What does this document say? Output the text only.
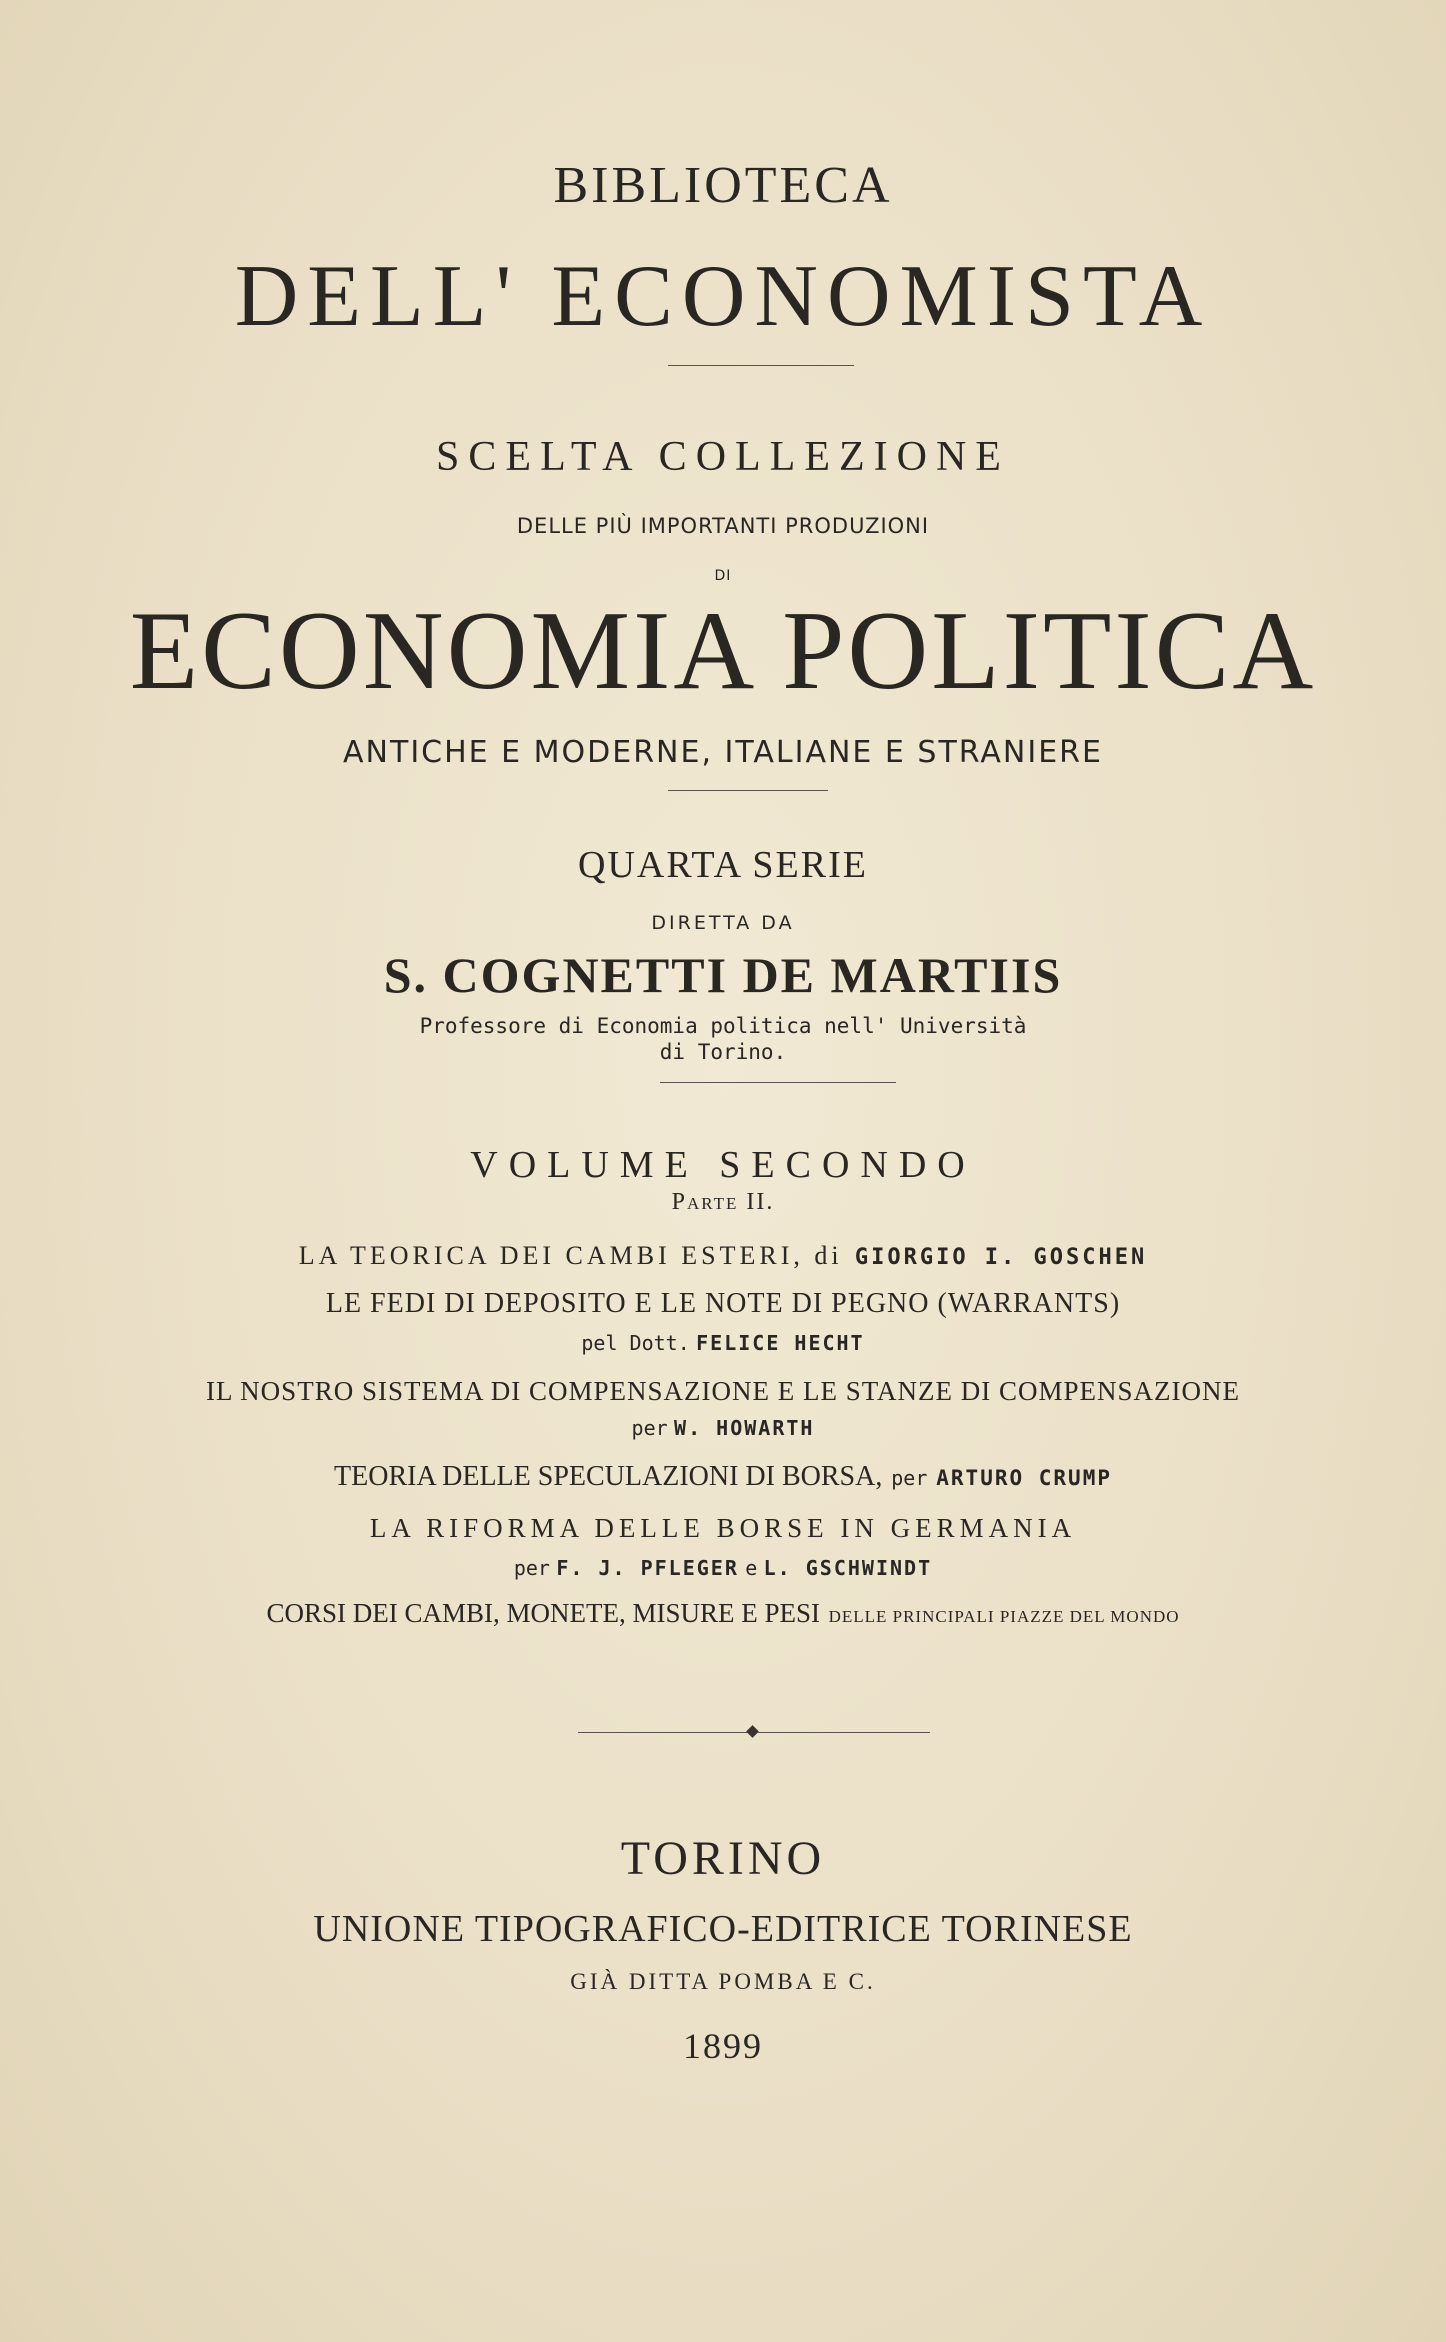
BIBLIOTECA
DELL' ECONOMISTA
SCELTA COLLEZIONE
DELLE PIÙ IMPORTANTI PRODUZIONI
DI
ECONOMIA POLITICA
ANTICHE E MODERNE, ITALIANE E STRANIERE
QUARTA SERIE
DIRETTA DA
S. COGNETTI DE MARTIIS
Professore di Economia politica nell' Università
di Torino.
VOLUME SECONDO
Parte II.
LA TEORICA DEI CAMBI ESTERI, di GIORGIO I. GOSCHEN
LE FEDI DI DEPOSITO E LE NOTE DI PEGNO (WARRANTS)
pel Dott. FELICE HECHT
IL NOSTRO SISTEMA DI COMPENSAZIONE E LE STANZE DI COMPENSAZIONE
per W. HOWARTH
TEORIA DELLE SPECULAZIONI DI BORSA, per ARTURO CRUMP
LA RIFORMA DELLE BORSE IN GERMANIA
per F. J. PFLEGER e L. GSCHWINDT
CORSI DEI CAMBI, MONETE, MISURE E PESI DELLE PRINCIPALI PIAZZE DEL MONDO
TORINO
UNIONE TIPOGRAFICO-EDITRICE TORINESE
GIÀ DITTA POMBA E C.
1899
